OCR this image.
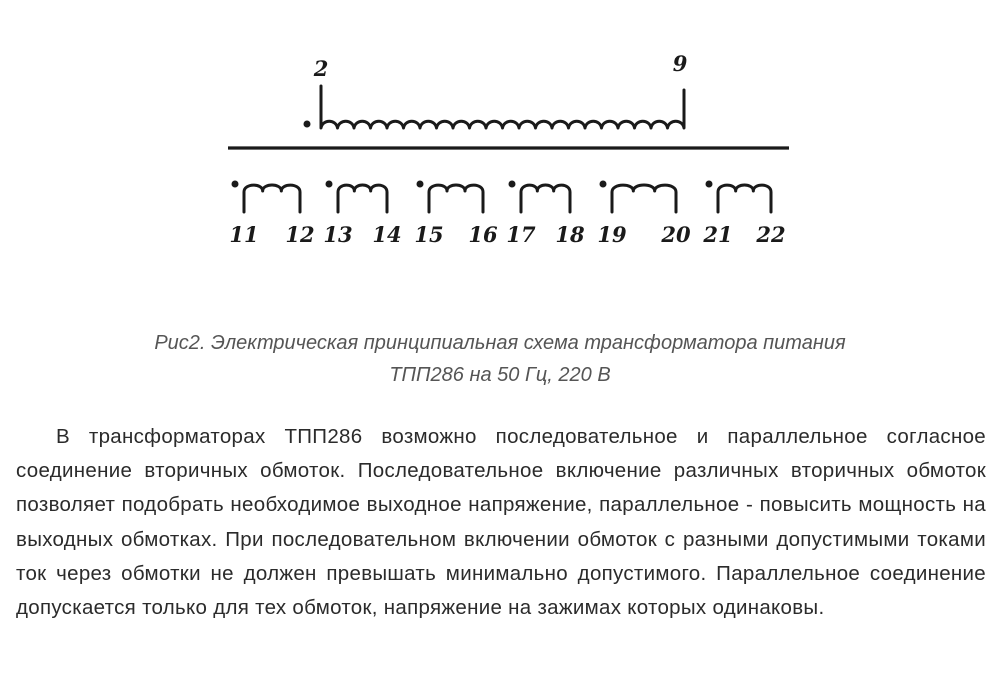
2	9
11 12 13 14 15 16 17 18 19 20 21 22
Рис2. Электрическая принципиальная схема трансформатора питания
ТПП286 на 50 Гц, 220 В

В трансформаторах ТПП286 возможно последовательное и параллельное согласное соединение вторичных обмоток. Последовательное включение различных вторичных обмоток позволяет подобрать необходимое выходное напряжение, параллельное - повысить мощность на выходных обмотках. При последовательном включении обмоток с разными допустимыми токами ток через обмотки не должен превышать минимально допустимого. Параллельное соединение допускается только для тех обмоток, напряжение на зажимах которых одинаковы.
